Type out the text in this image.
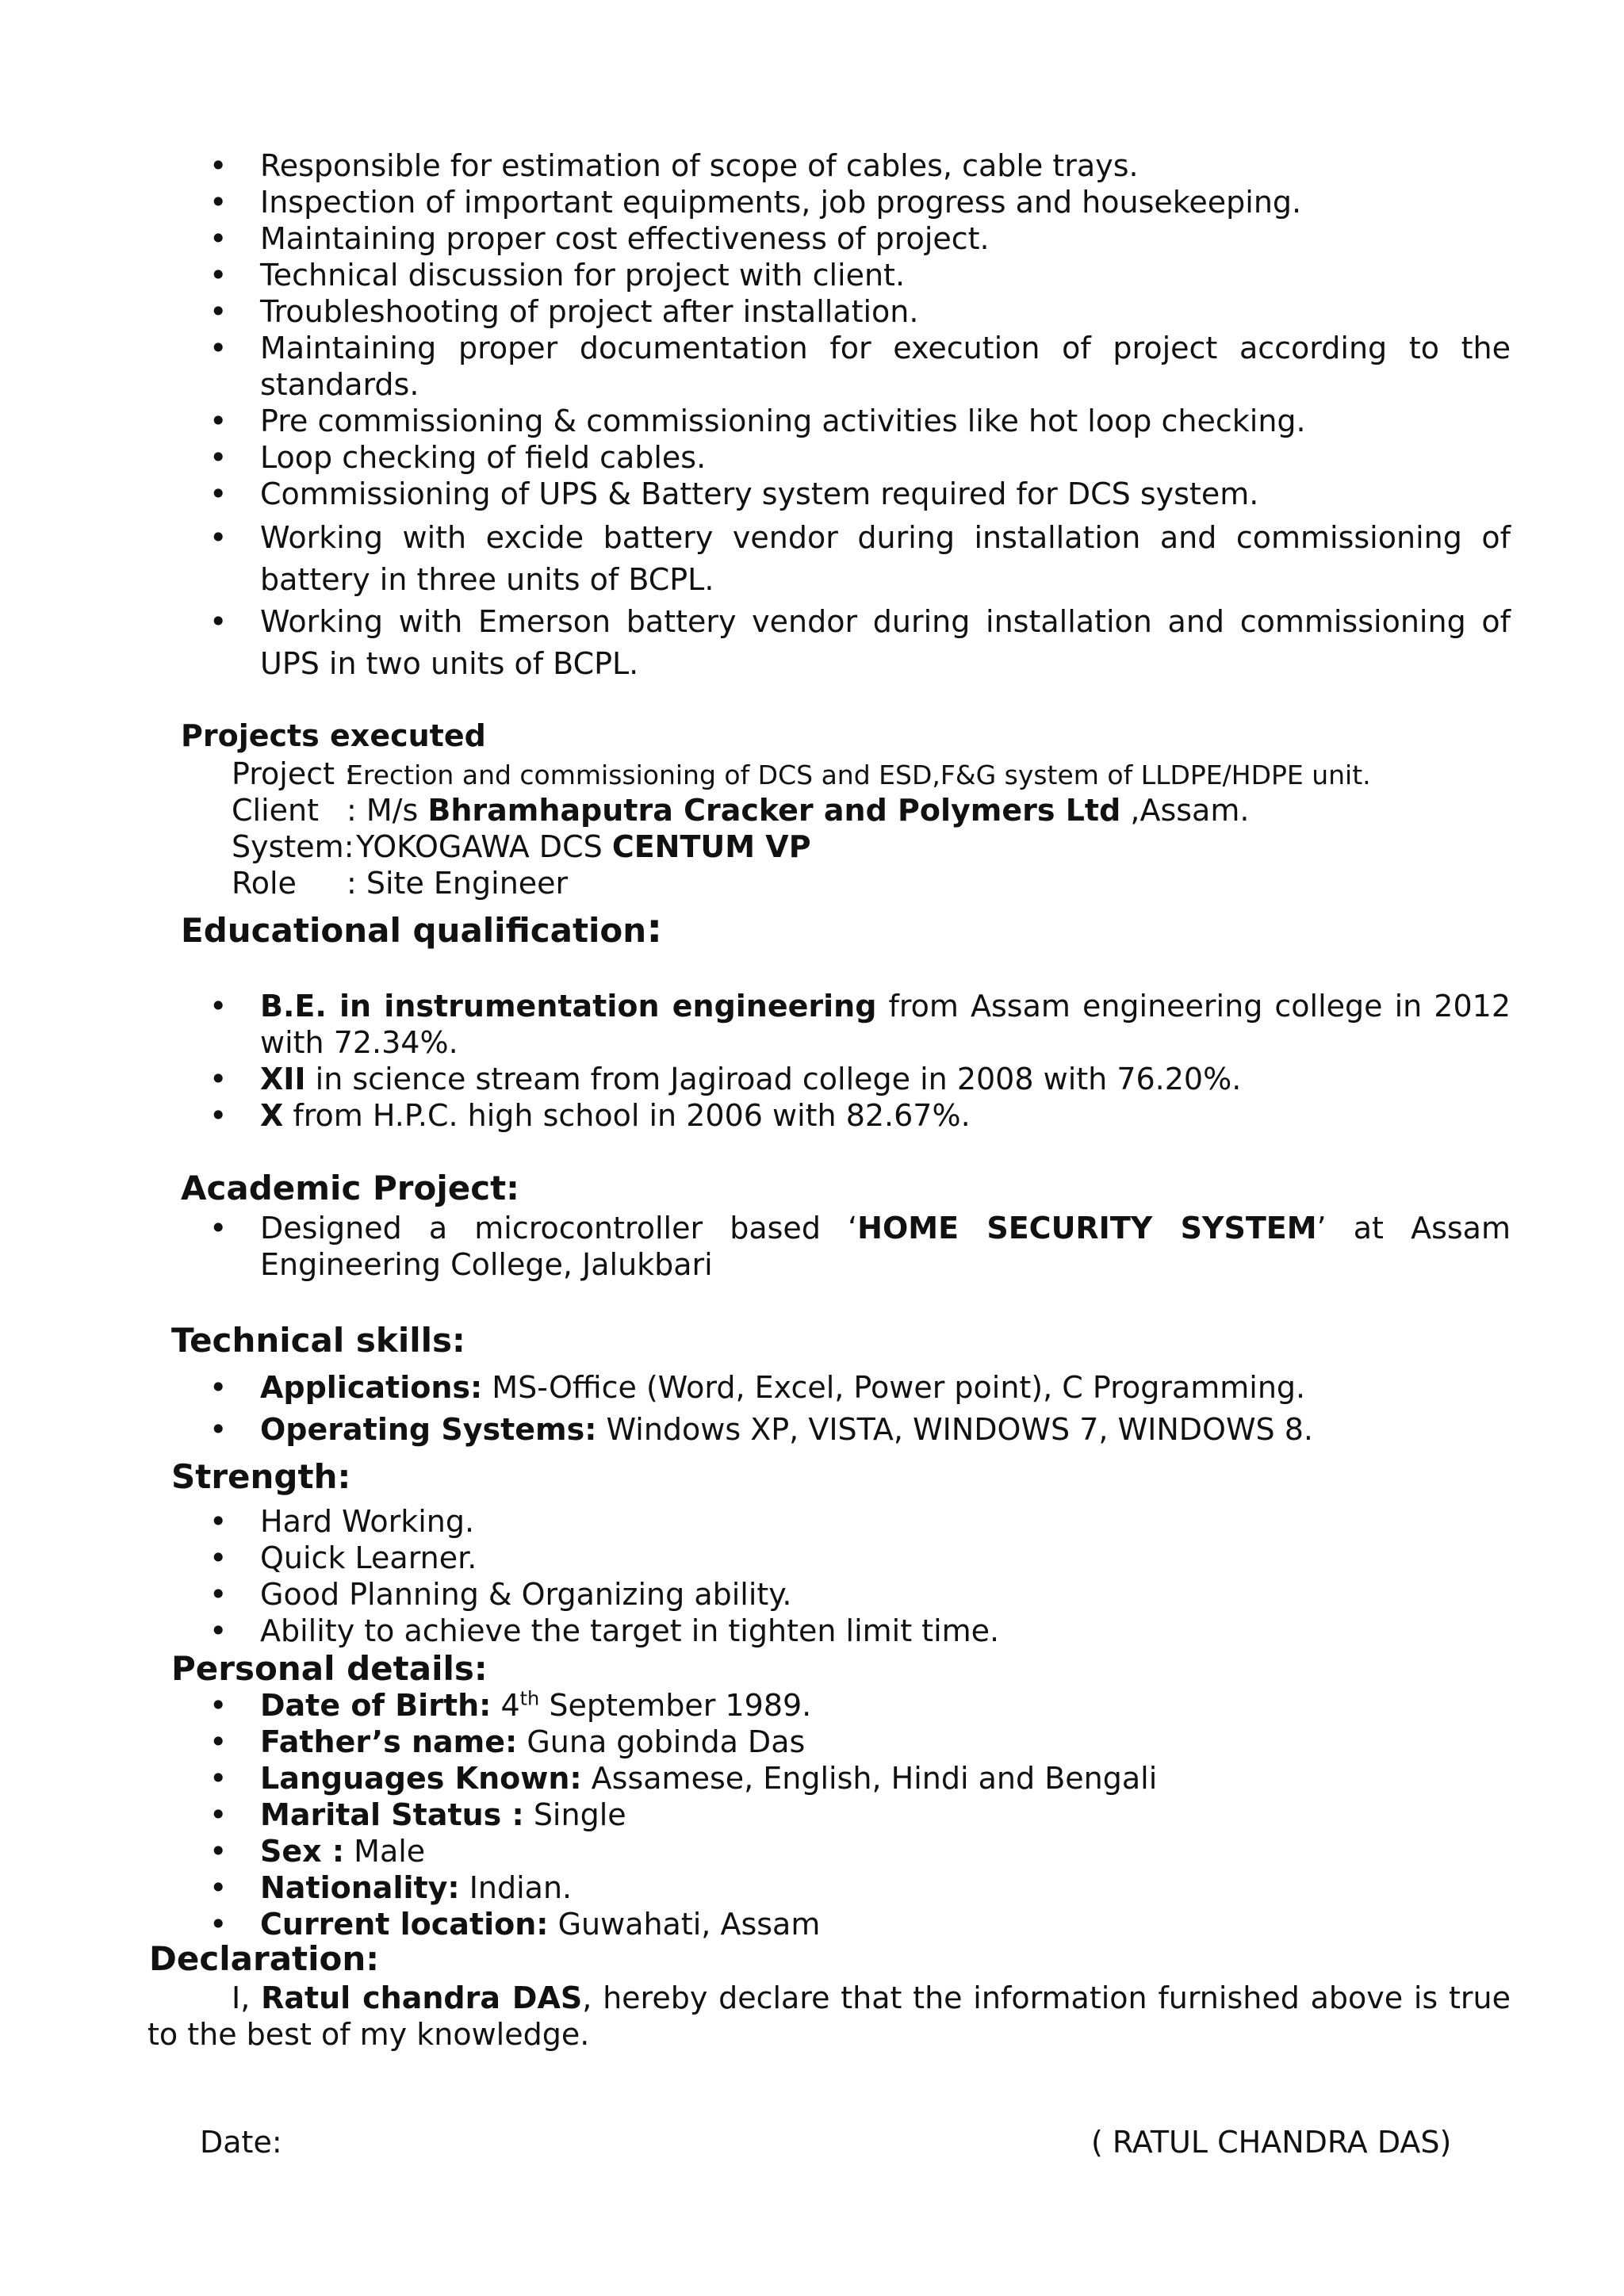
• Responsible for estimation of scope of cables, cable trays.
• Inspection of important equipments, job progress and housekeeping.
• Maintaining proper cost effectiveness of project.
• Technical discussion for project with client.
• Troubleshooting of project after installation.
• Maintaining proper documentation for execution of project according to the standards.
• Pre commissioning & commissioning activities like hot loop checking.
• Loop checking of field cables.
• Commissioning of UPS & Battery system required for DCS system.
• Working with excide battery vendor during installation and commissioning of battery in three units of BCPL.
• Working with Emerson battery vendor during installation and commissioning of UPS in two units of BCPL.
Projects executed
Project :Erection and commissioning of DCS and ESD,F&G system of LLDPE/HDPE unit.
Client : M/s Bhramhaputra Cracker and Polymers Ltd ,Assam.
System: YOKOGAWA DCS CENTUM VP
Role : Site Engineer
Educational qualification:
• B.E. in instrumentation engineering from Assam engineering college in 2012 with 72.34%.
• XII in science stream from Jagiroad college in 2008 with 76.20%.
• X from H.P.C. high school in 2006 with 82.67%.
Academic Project:
• Designed a microcontroller based ‘HOME SECURITY SYSTEM’ at Assam Engineering College, Jalukbari
Technical skills:
• Applications: MS-Office (Word, Excel, Power point), C Programming.
• Operating Systems: Windows XP, VISTA, WINDOWS 7, WINDOWS 8.
Strength:
• Hard Working.
• Quick Learner.
• Good Planning & Organizing ability.
• Ability to achieve the target in tighten limit time.
Personal details:
• Date of Birth: 4th September 1989.
• Father’s name: Guna gobinda Das
• Languages Known: Assamese, English, Hindi and Bengali
• Marital Status : Single
• Sex : Male
• Nationality: Indian.
• Current location: Guwahati, Assam
Declaration:
I, Ratul chandra DAS, hereby declare that the information furnished above is true to the best of my knowledge.
Date:	( RATUL CHANDRA DAS)
